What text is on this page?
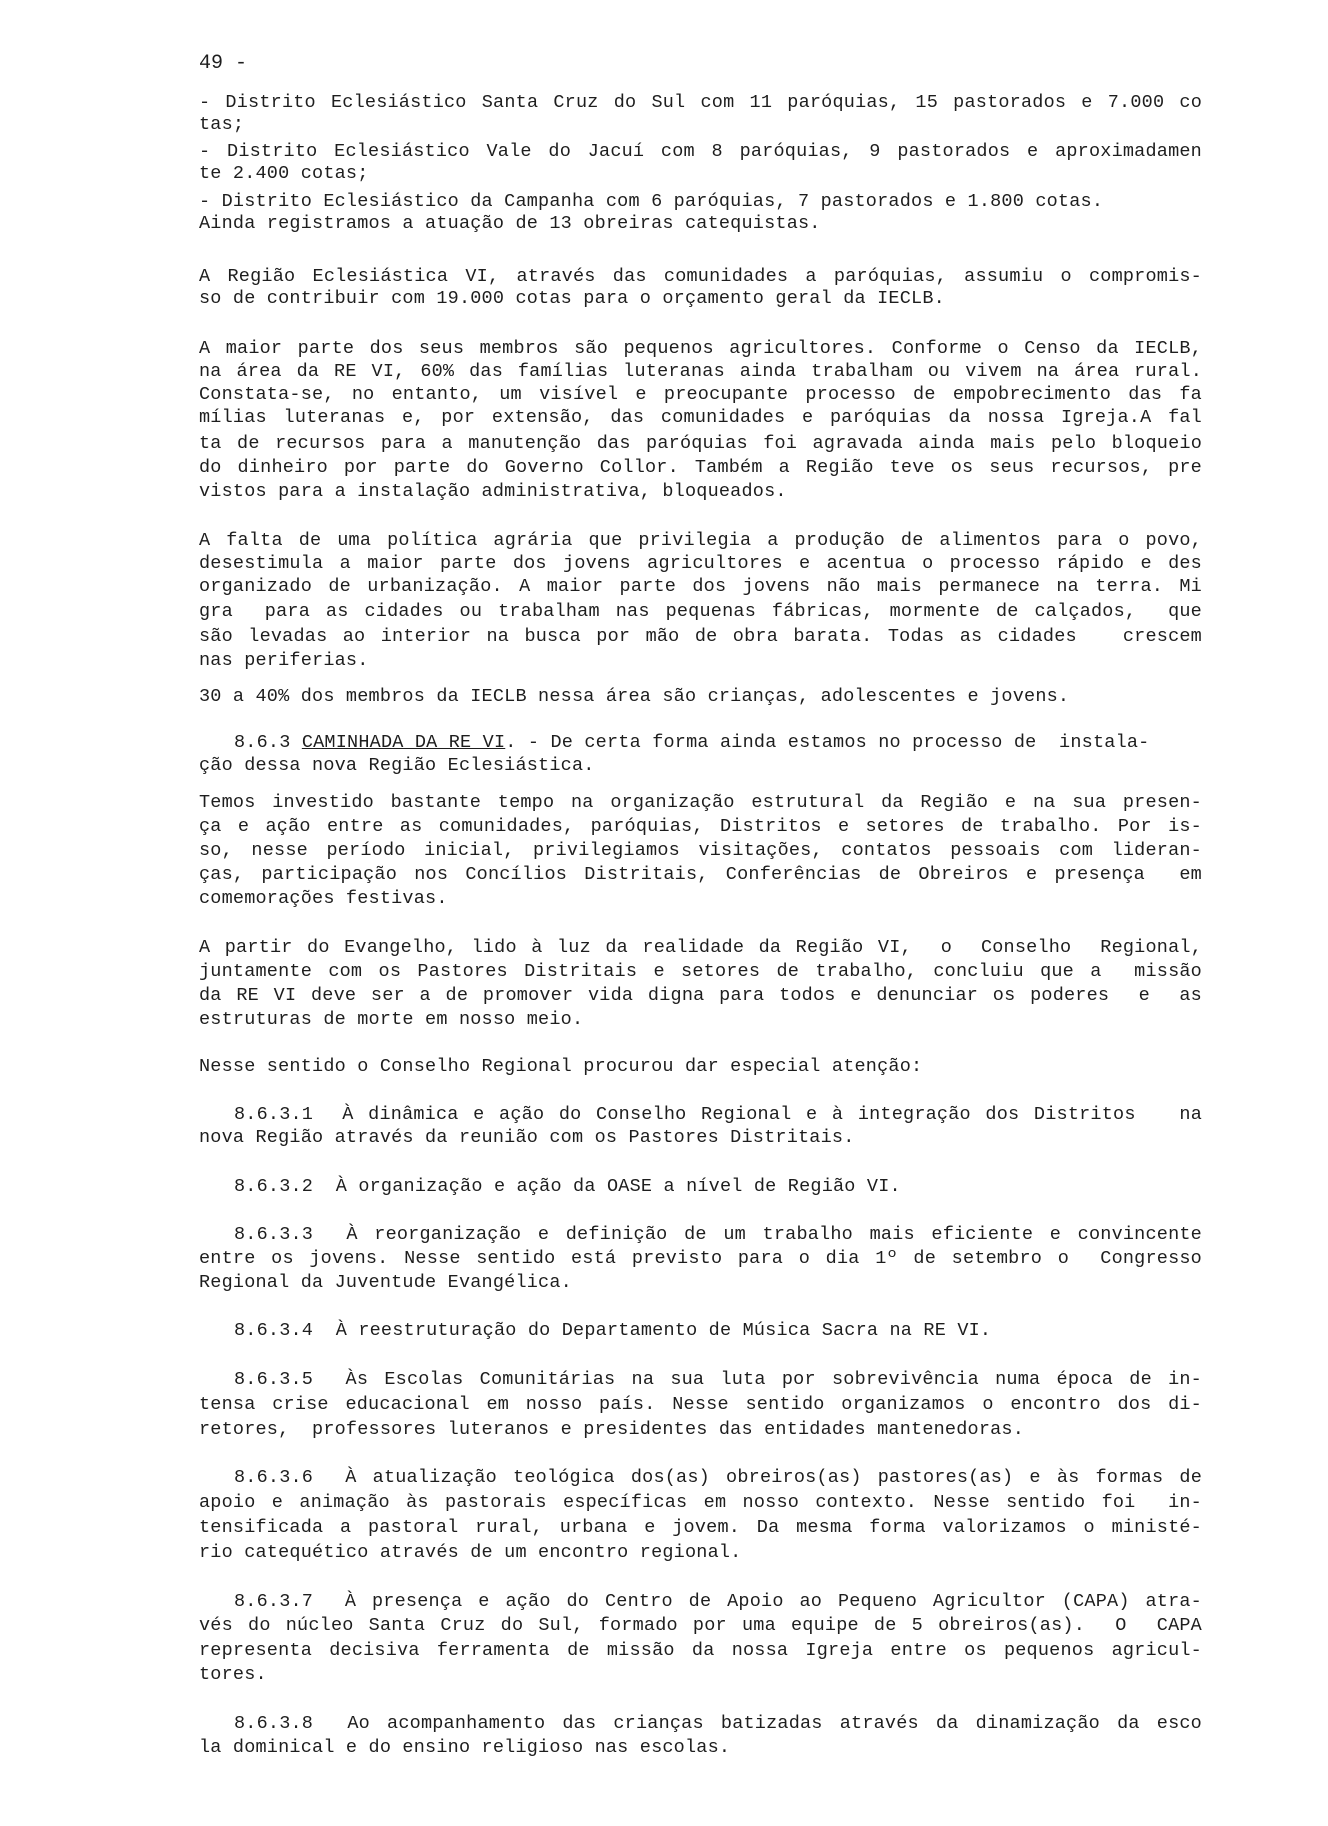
49 -
- Distrito Eclesiástico Santa Cruz do Sul com 11 paróquias, 15 pastorados e 7.000 co
tas;
- Distrito Eclesiástico Vale do Jacuí com 8 paróquias, 9 pastorados e aproximadamen
te 2.400 cotas;
- Distrito Eclesiástico da Campanha com 6 paróquias, 7 pastorados e 1.800 cotas.
Ainda registramos a atuação de 13 obreiras catequistas.
A Região Eclesiástica VI, através das comunidades a paróquias, assumiu o compromis-
so de contribuir com 19.000 cotas para o orçamento geral da IECLB.
A maior parte dos seus membros são pequenos agricultores. Conforme o Censo da IECLB,
na área da RE VI, 60% das famílias luteranas ainda trabalham ou vivem na área rural.
Constata-se, no entanto, um visível e preocupante processo de empobrecimento das fa
mílias luteranas e, por extensão, das comunidades e paróquias da nossa Igreja.A fal
ta de recursos para a manutenção das paróquias foi agravada ainda mais pelo bloqueio
do dinheiro por parte do Governo Collor. Também a Região teve os seus recursos, pre
vistos para a instalação administrativa, bloqueados.
A falta de uma política agrária que privilegia a produção de alimentos para o povo,
desestimula a maior parte dos jovens agricultores e acentua o processo rápido e des
organizado de urbanização. A maior parte dos jovens não mais permanece na terra. Mi
gra  para as cidades ou trabalham nas pequenas fábricas, mormente de calçados,  que
são levadas ao interior na busca por mão de obra barata. Todas as cidades   crescem
nas periferias.
30 a 40% dos membros da IECLB nessa área são crianças, adolescentes e jovens.
8.6.3 CAMINHADA DA RE VI. - De certa forma ainda estamos no processo de  instala-
ção dessa nova Região Eclesiástica.
Temos investido bastante tempo na organização estrutural da Região e na sua presen-
ça e ação entre as comunidades, paróquias, Distritos e setores de trabalho. Por is-
so, nesse período inicial, privilegiamos visitações, contatos pessoais com lideran-
ças, participação nos Concílios Distritais, Conferências de Obreiros e presença  em
comemorações festivas.
A partir do Evangelho, lido à luz da realidade da Região VI,  o  Conselho  Regional,
juntamente com os Pastores Distritais e setores de trabalho, concluiu que a  missão
da RE VI deve ser a de promover vida digna para todos e denunciar os poderes  e  as
estruturas de morte em nosso meio.
Nesse sentido o Conselho Regional procurou dar especial atenção:
8.6.3.1  À dinâmica e ação do Conselho Regional e à integração dos Distritos   na
nova Região através da reunião com os Pastores Distritais.
8.6.3.2  À organização e ação da OASE a nível de Região VI.
8.6.3.3  À reorganização e definição de um trabalho mais eficiente e convincente
entre os jovens. Nesse sentido está previsto para o dia 1º de setembro o  Congresso
Regional da Juventude Evangélica.
8.6.3.4  À reestruturação do Departamento de Música Sacra na RE VI.
8.6.3.5  Às Escolas Comunitárias na sua luta por sobrevivência numa época de in-
tensa crise educacional em nosso país. Nesse sentido organizamos o encontro dos di-
retores,  professores luteranos e presidentes das entidades mantenedoras.
8.6.3.6  À atualização teológica dos(as) obreiros(as) pastores(as) e às formas de
apoio e animação às pastorais específicas em nosso contexto. Nesse sentido foi  in-
tensificada a pastoral rural, urbana e jovem. Da mesma forma valorizamos o ministé-
rio catequético através de um encontro regional.
8.6.3.7  À presença e ação do Centro de Apoio ao Pequeno Agricultor (CAPA) atra-
vés do núcleo Santa Cruz do Sul, formado por uma equipe de 5 obreiros(as).  O  CAPA
representa decisiva ferramenta de missão da nossa Igreja entre os pequenos agricul-
tores.
8.6.3.8  Ao acompanhamento das crianças batizadas através da dinamização da esco
la dominical e do ensino religioso nas escolas.
